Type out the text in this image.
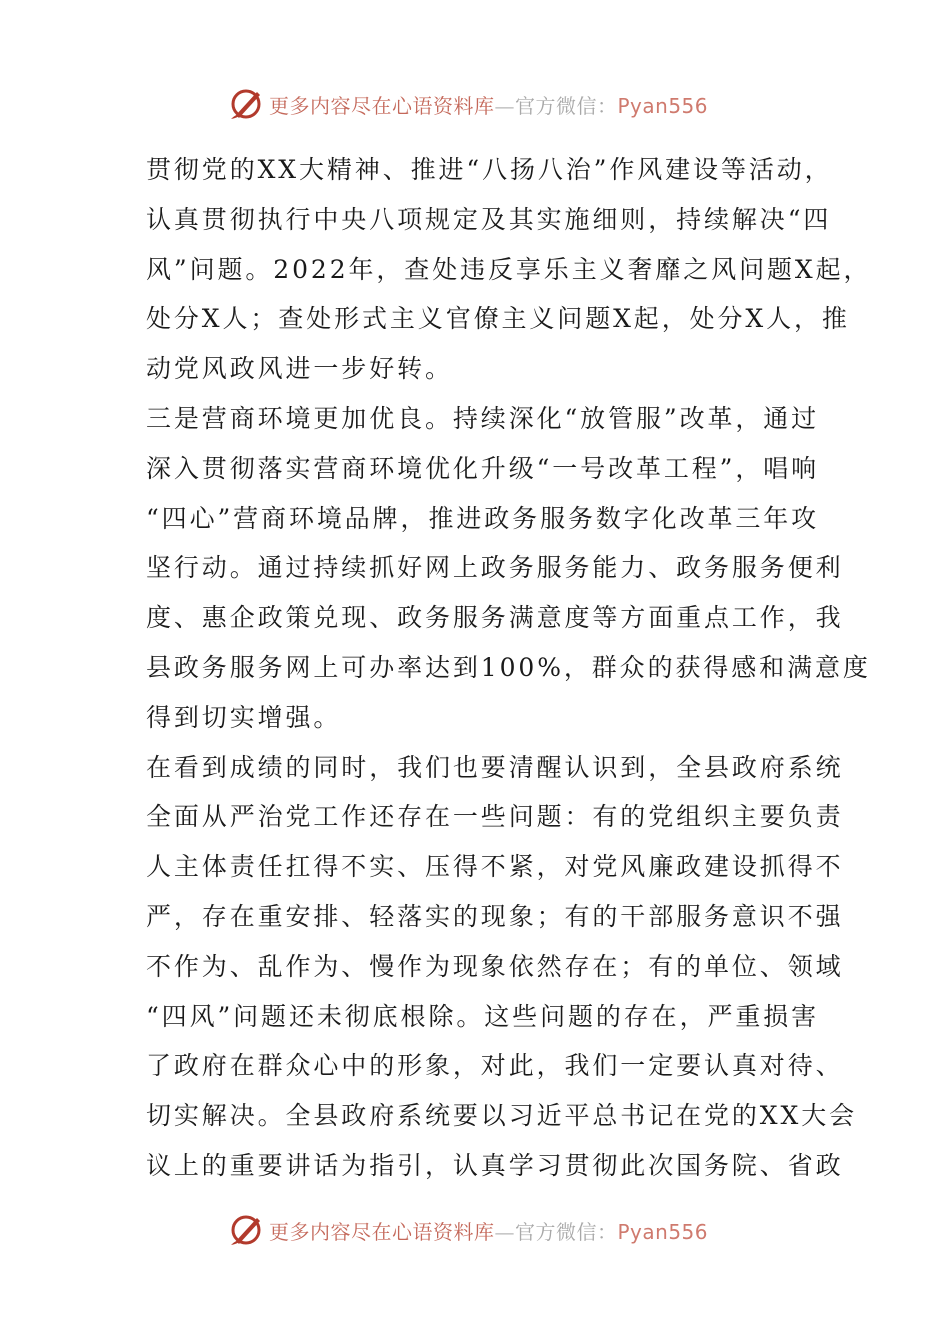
更多内容尽在心语资料库—官方微信：Pyan556
贯彻党的XX大精神、推进“八扬八治”作风建设等活动，
认真贯彻执行中央八项规定及其实施细则，持续解决“四
风”问题。2022年，查处违反享乐主义奢靡之风问题X起，
处分X人；查处形式主义官僚主义问题X起，处分X人，推
动党风政风进一步好转。
三是营商环境更加优良。持续深化“放管服”改革，通过
深入贯彻落实营商环境优化升级“一号改革工程”，唱响
“四心”营商环境品牌，推进政务服务数字化改革三年攻
坚行动。通过持续抓好网上政务服务能力、政务服务便利
度、惠企政策兑现、政务服务满意度等方面重点工作，我
县政务服务网上可办率达到100%，群众的获得感和满意度
得到切实增强。
在看到成绩的同时，我们也要清醒认识到，全县政府系统
全面从严治党工作还存在一些问题：有的党组织主要负责
人主体责任扛得不实、压得不紧，对党风廉政建设抓得不
严，存在重安排、轻落实的现象；有的干部服务意识不强
不作为、乱作为、慢作为现象依然存在；有的单位、领域
“四风”问题还未彻底根除。这些问题的存在，严重损害
了政府在群众心中的形象，对此，我们一定要认真对待、
切实解决。全县政府系统要以习近平总书记在党的XX大会
议上的重要讲话为指引，认真学习贯彻此次国务院、省政
更多内容尽在心语资料库—官方微信：Pyan556
